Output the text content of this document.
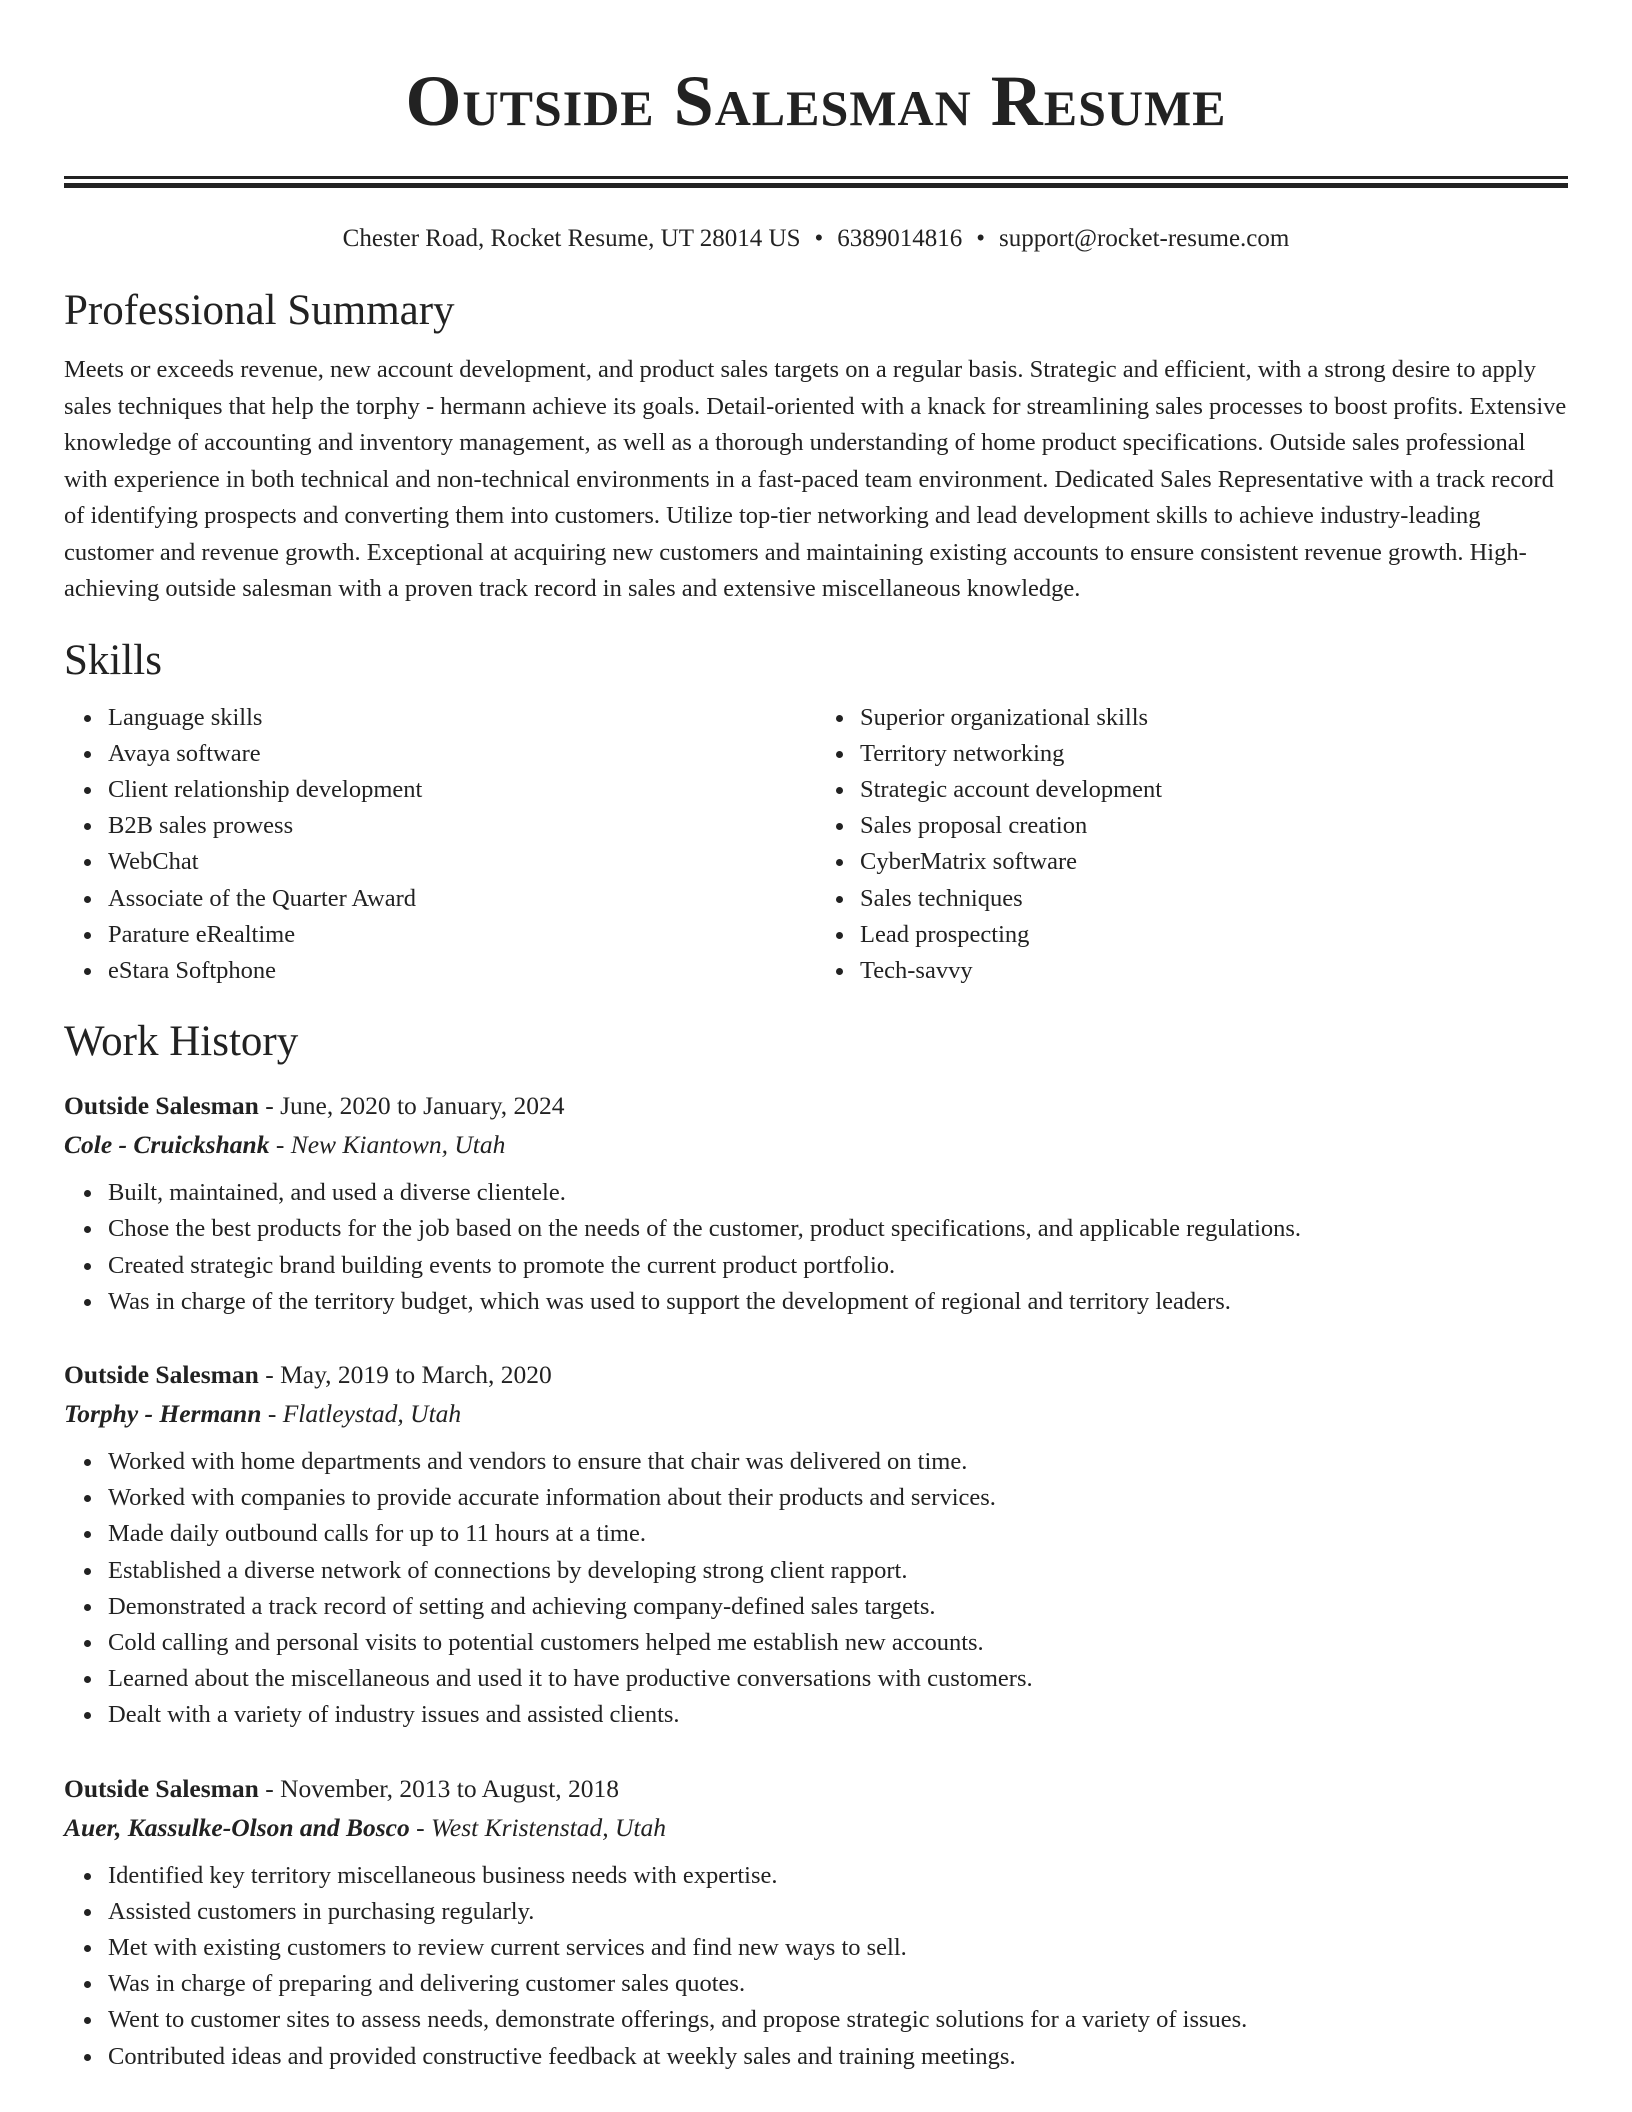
Outside Salesman Resume
Chester Road, Rocket Resume, UT 28014 US • 6389014816 • support@rocket-resume.com
Professional Summary

Meets or exceeds revenue, new account development, and product sales targets on a regular basis. Strategic and efficient, with a strong desire to apply sales techniques that help the torphy - hermann achieve its goals. Detail-oriented with a knack for streamlining sales processes to boost profits. Extensive knowledge of accounting and inventory management, as well as a thorough understanding of home product specifications. Outside sales professional with experience in both technical and non-technical environments in a fast-paced team environment. Dedicated Sales Representative with a track record of identifying prospects and converting them into customers. Utilize top-tier networking and lead development skills to achieve industry-leading customer and revenue growth. Exceptional at acquiring new customers and maintaining existing accounts to ensure consistent revenue growth. High-achieving outside salesman with a proven track record in sales and extensive miscellaneous knowledge.

Skills
Language skills
Avaya software
Client relationship development
B2B sales prowess
WebChat
Associate of the Quarter Award
Parature eRealtime
eStara Softphone
Superior organizational skills
Territory networking
Strategic account development
Sales proposal creation
CyberMatrix software
Sales techniques
Lead prospecting
Tech-savvy
Work History
Outside Salesman - June, 2020 to January, 2024
Cole - Cruickshank - New Kiantown, Utah
Built, maintained, and used a diverse clientele.
Chose the best products for the job based on the needs of the customer, product specifications, and applicable regulations.
Created strategic brand building events to promote the current product portfolio.
Was in charge of the territory budget, which was used to support the development of regional and territory leaders.
Outside Salesman - May, 2019 to March, 2020
Torphy - Hermann - Flatleystad, Utah
Worked with home departments and vendors to ensure that chair was delivered on time.
Worked with companies to provide accurate information about their products and services.
Made daily outbound calls for up to 11 hours at a time.
Established a diverse network of connections by developing strong client rapport.
Demonstrated a track record of setting and achieving company-defined sales targets.
Cold calling and personal visits to potential customers helped me establish new accounts.
Learned about the miscellaneous and used it to have productive conversations with customers.
Dealt with a variety of industry issues and assisted clients.
Outside Salesman - November, 2013 to August, 2018
Auer, Kassulke-Olson and Bosco - West Kristenstad, Utah
Identified key territory miscellaneous business needs with expertise.
Assisted customers in purchasing regularly.
Met with existing customers to review current services and find new ways to sell.
Was in charge of preparing and delivering customer sales quotes.
Went to customer sites to assess needs, demonstrate offerings, and propose strategic solutions for a variety of issues.
Contributed ideas and provided constructive feedback at weekly sales and training meetings.
